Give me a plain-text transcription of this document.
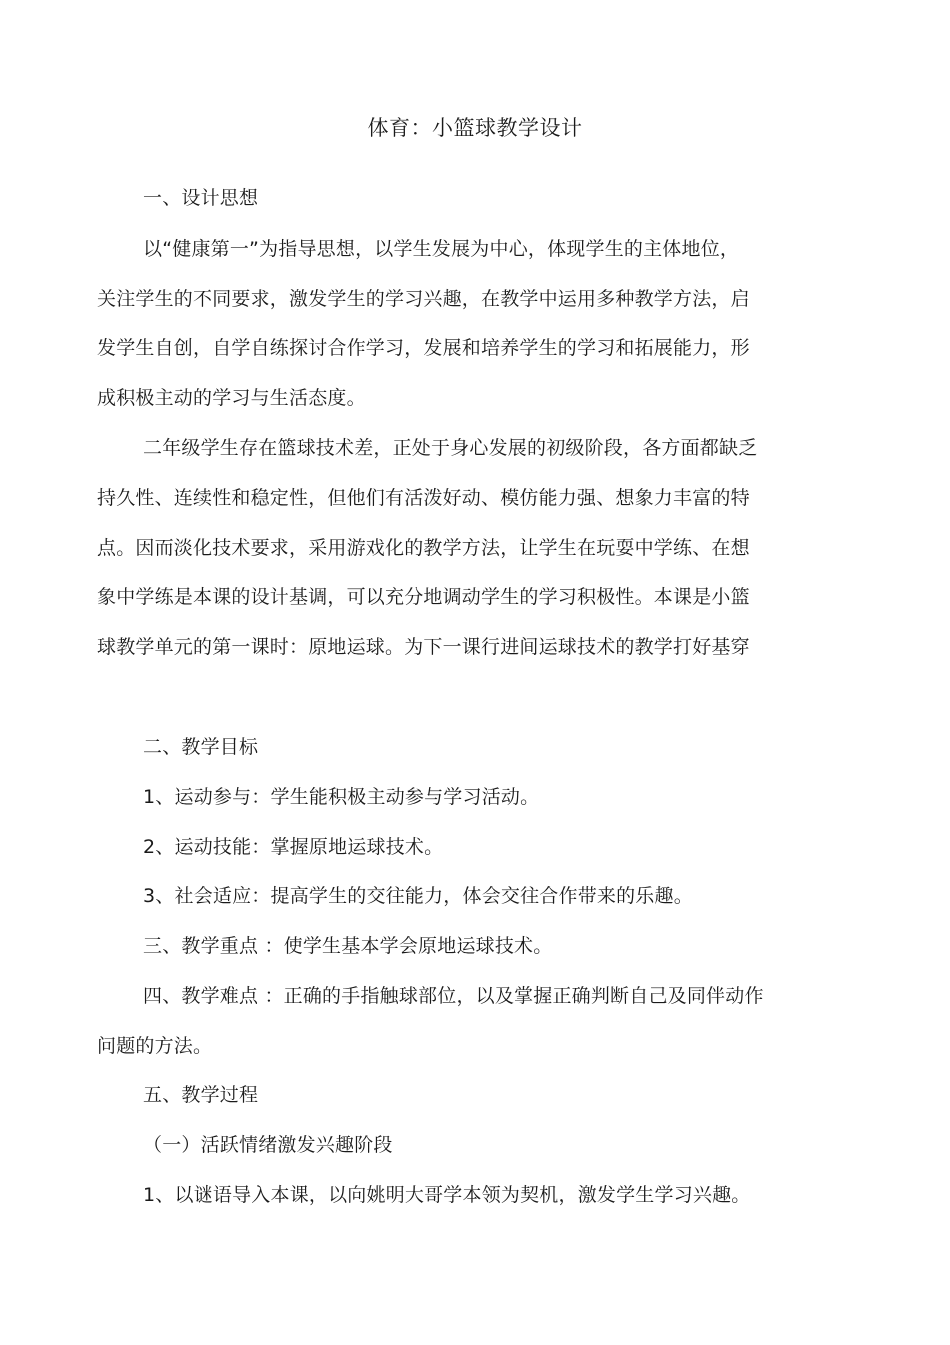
体育：小篮球教学设计
一、设计思想
以“健康第一”为指导思想，以学生发展为中心，体现学生的主体地位，
关注学生的不同要求，激发学生的学习兴趣，在教学中运用多种教学方法，启
发学生自创，自学自练探讨合作学习，发展和培养学生的学习和拓展能力，形
成积极主动的学习与生活态度。
二年级学生存在篮球技术差，正处于身心发展的初级阶段，各方面都缺乏
持久性、连续性和稳定性，但他们有活泼好动、模仿能力强、想象力丰富的特
点。因而淡化技术要求，采用游戏化的教学方法，让学生在玩耍中学练、在想
象中学练是本课的设计基调，可以充分地调动学生的学习积极性。本课是小篮
球教学单元的第一课时：原地运球。为下一课行进间运球技术的教学打好基穿
二、教学目标
1、运动参与：学生能积极主动参与学习活动。
2、运动技能：掌握原地运球技术。
3、社会适应：提高学生的交往能力，体会交往合作带来的乐趣。
三、教学重点 ：使学生基本学会原地运球技术。
四、教学难点 ：正确的手指触球部位，以及掌握正确判断自己及同伴动作
问题的方法。
五、教学过程
（一）活跃情绪激发兴趣阶段
1、以谜语导入本课，以向姚明大哥学本领为契机，激发学生学习兴趣。
